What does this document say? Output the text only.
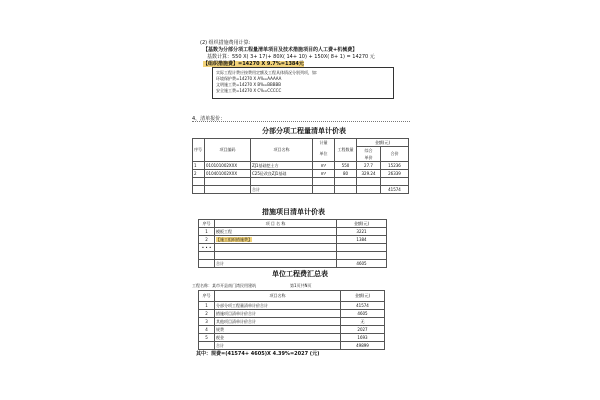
(2) 组织措施费用计算:
【基数为分部分项工程量清单项目及技术措施项目的人工费+机械费】
基数计算：550 X( 3+ 17)+ 80X( 14+ 10) + 150X( 8+ 1) = 14270 元
【组织措施费】=14270 X 9.7%=1384元
实际工程计费应按费用定额及工程具体情况分别列项，如:
环境保护费=14270 X A%=AAAAA
文明施工费=14270 X B%=BBBBB
安全施工费=14270 X C%=CCCCC
4、清单报价：
分部分项工程量清单计价表
序号	项目编码	项目名称	计量	工程数量	金额(元)	
			单位		综合	合价
					单价	
1	010101002XXX	ZJ1基础挖土方	m³	550	27.7	15236
2	010401002XXX	C25砼改良ZJ1基础	m³	80	329.24	26339

		合计				41574
措施项目清单计价表
序号	项 目 名 称	金额(元)
1	模板工程	3221
2	【施工组织措施费】	1384
• • •		

	合计	4605
单位工程费汇总表
工程名称：某市开县南门湾民用建筑	第1页共N页
序号	项目名称	金额(元)
1	分部分项工程量清单计价合计	41574
2	措施项目清单计价合计	4605
3	其他项目清单计价合计	无
4	规费	2027
5	税金	1693
	合计	49899
其中：规费=(41574+ 4605)X 4.39%=2027 (元)
